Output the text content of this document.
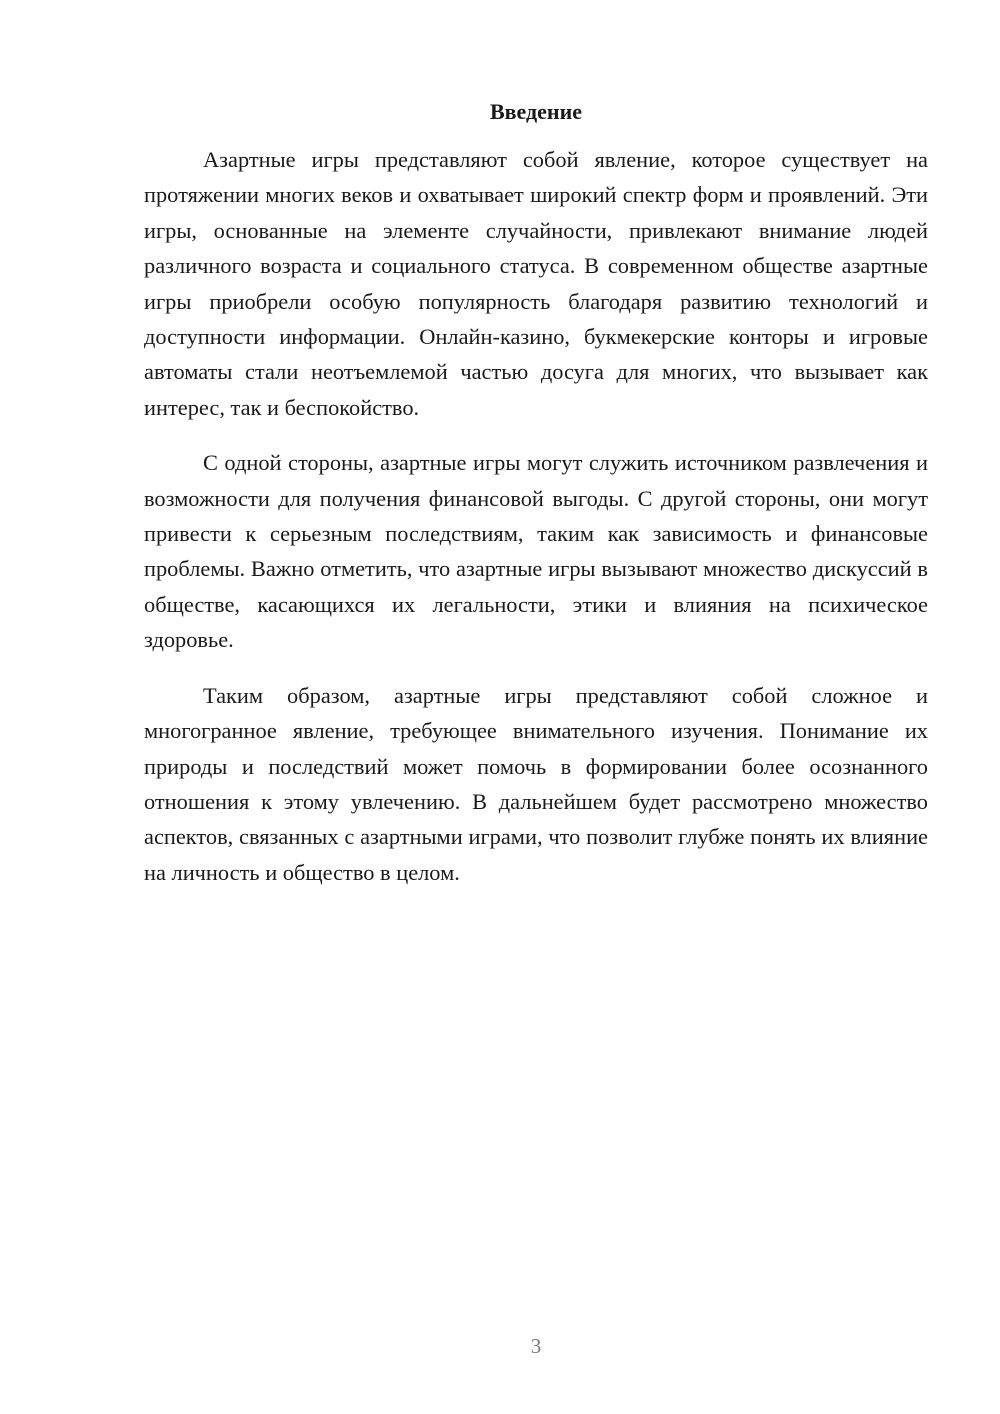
Введение

Азартные игры представляют собой явление, которое существует на протяжении многих веков и охватывает широкий спектр форм и проявлений. Эти игры, основанные на элементе случайности, привлекают внимание людей различного возраста и социального статуса. В современном обществе азартные игры приобрели особую популярность благодаря развитию технологий и доступности информации. Онлайн-казино, букмекерские конторы и игровые автоматы стали неотъемлемой частью досуга для многих, что вызывает как интерес, так и беспокойство.

С одной стороны, азартные игры могут служить источником развлечения и возможности для получения финансовой выгоды. С другой стороны, они могут привести к серьезным последствиям, таким как зависимость и финансовые проблемы. Важно отметить, что азартные игры вызывают множество дискуссий в обществе, касающихся их легальности, этики и влияния на психическое здоровье.

Таким образом, азартные игры представляют собой сложное и многогранное явление, требующее внимательного изучения. Понимание их природы и последствий может помочь в формировании более осознанного отношения к этому увлечению. В дальнейшем будет рассмотрено множество аспектов, связанных с азартными играми, что позволит глубже понять их влияние на личность и общество в целом.

3
